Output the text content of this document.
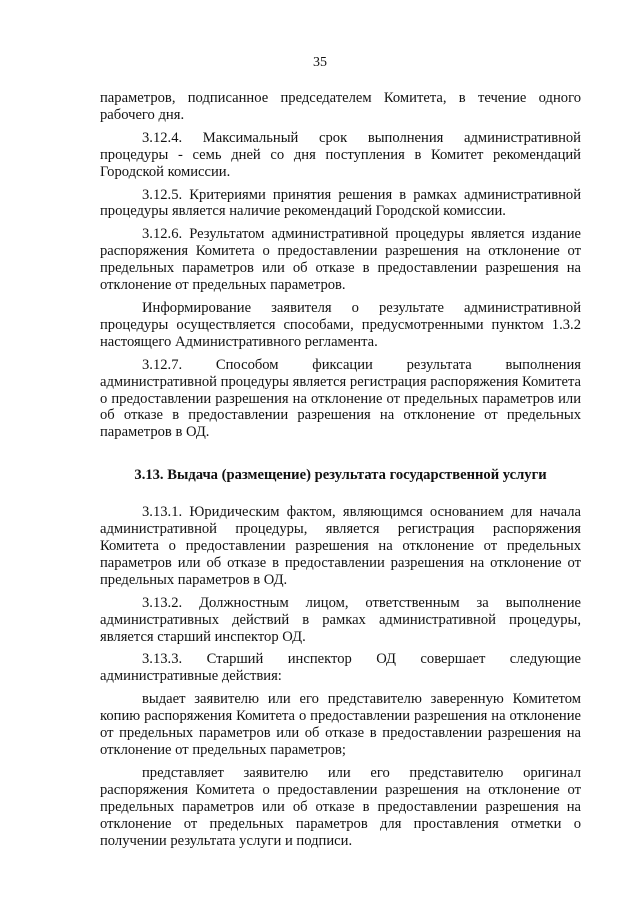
35

параметров, подписанное председателем Комитета, в течение одного рабочего дня.

3.12.4. Максимальный срок выполнения административной процедуры - семь дней со дня поступления в Комитет рекомендаций Городской комиссии.

3.12.5. Критериями принятия решения в рамках административной процедуры является наличие рекомендаций Городской комиссии.

3.12.6. Результатом административной процедуры является издание распоряжения Комитета о предоставлении разрешения на отклонение от предельных параметров или об отказе в предоставлении разрешения на отклонение от предельных параметров.

Информирование заявителя о результате административной процедуры осуществляется способами, предусмотренными пунктом 1.3.2 настоящего Административного регламента.

3.12.7. Способом фиксации результата выполнения административной процедуры является регистрация распоряжения Комитета о предоставлении разрешения на отклонение от предельных параметров или об отказе в предоставлении разрешения на отклонение от предельных параметров в ОД.

3.13. Выдача (размещение) результата государственной услуги

3.13.1. Юридическим фактом, являющимся основанием для начала административной процедуры, является регистрация распоряжения Комитета о предоставлении разрешения на отклонение от предельных параметров или об отказе в предоставлении разрешения на отклонение от предельных параметров в ОД.

3.13.2. Должностным лицом, ответственным за выполнение административных действий в рамках административной процедуры, является старший инспектор ОД.

3.13.3. Старший инспектор ОД совершает следующие административные действия:

выдает заявителю или его представителю заверенную Комитетом копию распоряжения Комитета о предоставлении разрешения на отклонение от предельных параметров или об отказе в предоставлении разрешения на отклонение от предельных параметров;

представляет заявителю или его представителю оригинал распоряжения Комитета о предоставлении разрешения на отклонение от предельных параметров или об отказе в предоставлении разрешения на отклонение от предельных параметров для проставления отметки о получении результата услуги и подписи.
